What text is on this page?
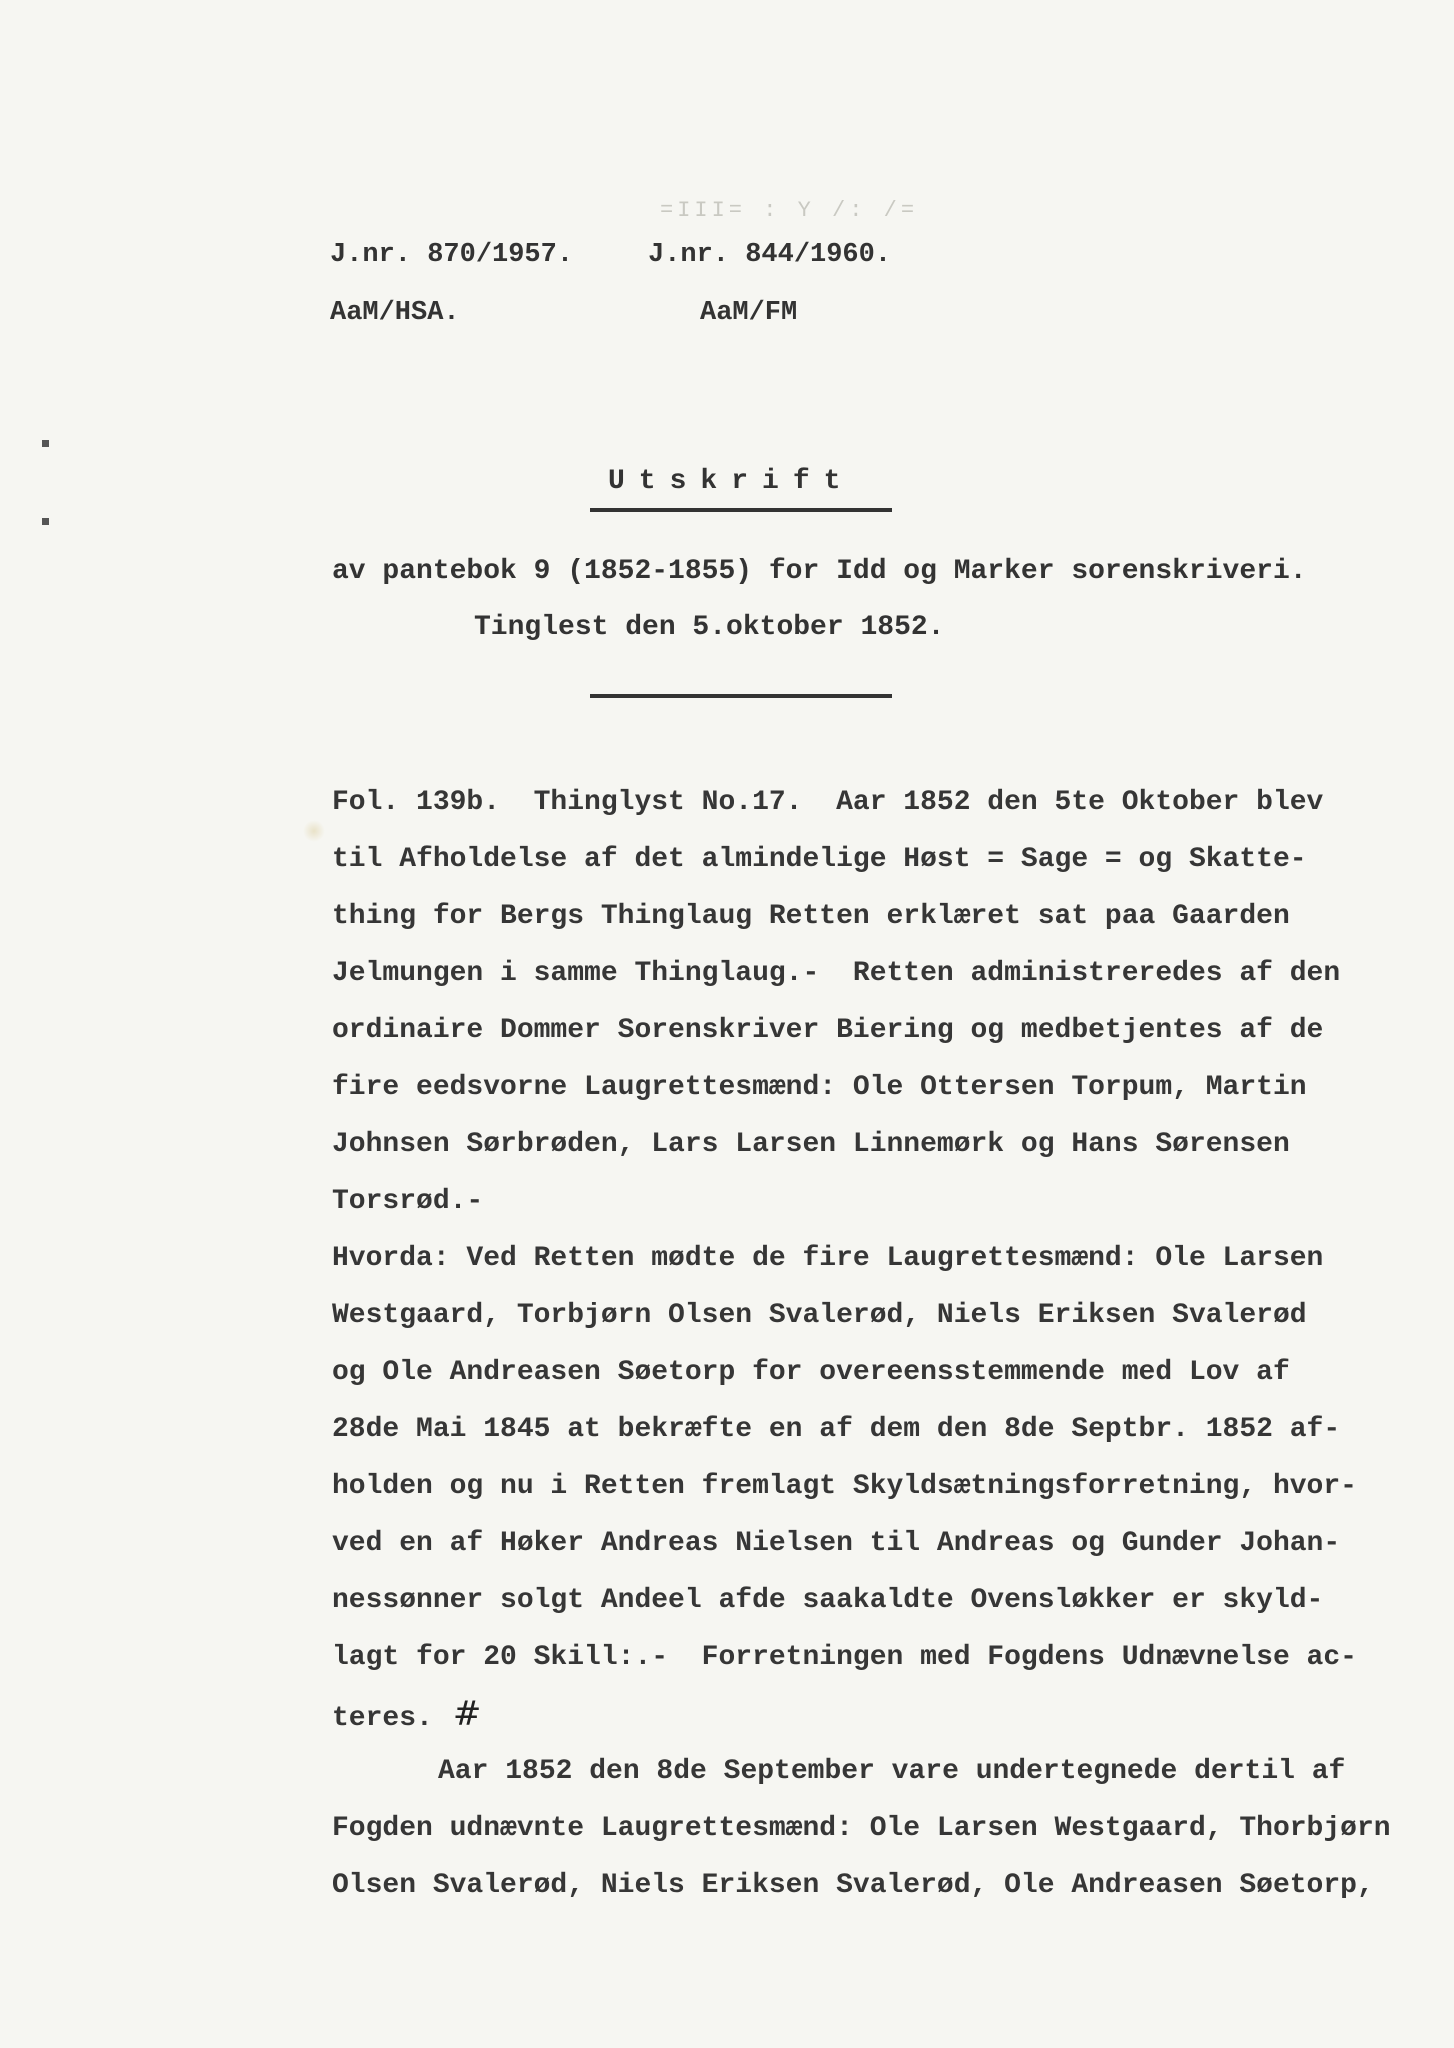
=III= : Y /: /=
J.nr. 870/1957.
AaM/HSA.
J.nr. 844/1960.
AaM/FM
Utskrift
av pantebok 9 (1852-1855) for Idd og Marker sorenskriveri.
Tinglest den 5.oktober 1852.
Fol. 139b.  Thinglyst No.17.  Aar 1852 den 5te Oktober blev
til Afholdelse af det almindelige Høst = Sage = og Skatte-
thing for Bergs Thinglaug Retten erklæret sat paa Gaarden
Jelmungen i samme Thinglaug.-  Retten administreredes af den
ordinaire Dommer Sorenskriver Biering og medbetjentes af de
fire eedsvorne Laugrettesmænd: Ole Ottersen Torpum, Martin
Johnsen Sørbrøden, Lars Larsen Linnemørk og Hans Sørensen
Torsrød.-
Hvorda: Ved Retten mødte de fire Laugrettesmænd: Ole Larsen
Westgaard, Torbjørn Olsen Svalerød, Niels Eriksen Svalerød
og Ole Andreasen Søetorp for overeensstemmende med Lov af
28de Mai 1845 at bekræfte en af dem den 8de Septbr. 1852 af-
holden og nu i Retten fremlagt Skyldsætningsforretning, hvor-
ved en af Høker Andreas Nielsen til Andreas og Gunder Johan-
nessønner solgt Andeel afde saakaldte Ovensløkker er skyld-
lagt for 20 Skill:.-  Forretningen med Fogdens Udnævnelse ac-
teres. #
Aar 1852 den 8de September vare undertegnede dertil af
Fogden udnævnte Laugrettesmænd: Ole Larsen Westgaard, Thorbjørn
Olsen Svalerød, Niels Eriksen Svalerød, Ole Andreasen Søetorp,
